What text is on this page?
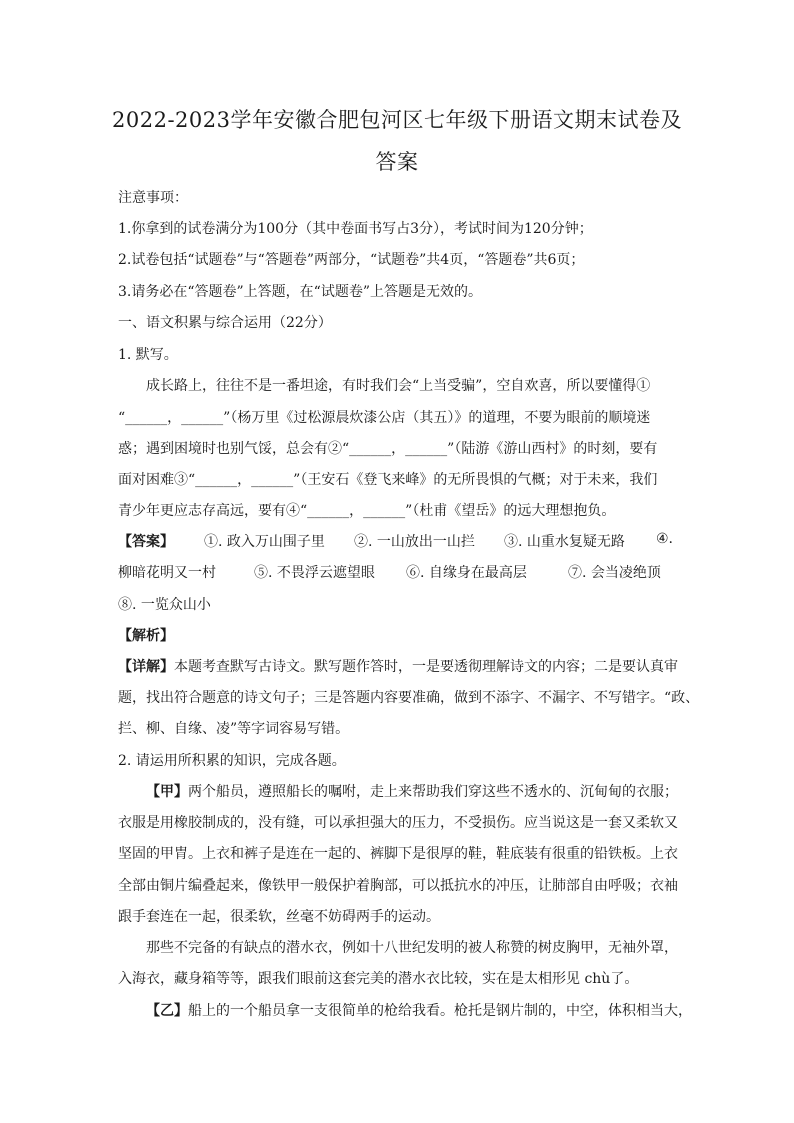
2022-2023学年安徽合肥包河区七年级下册语文期末试卷及
答案
注意事项：
1.你拿到的试卷满分为100分（其中卷面书写占3分），考试时间为120分钟；
2.试卷包括“试题卷”与“答题卷”两部分，“试题卷”共4页，“答题卷”共6页；
3.请务必在“答题卷”上答题，在“试题卷”上答题是无效的。
一、语文积累与综合运用（22分）
1. 默写。
成长路上，往往不是一番坦途，有时我们会“上当受骗”，空自欢喜，所以要懂得①
“______，______”（杨万里《过松源晨炊漆公店（其五）》的道理，不要为眼前的顺境迷
惑；遇到困境时也别气馁，总会有②“______，______”（陆游《游山西村》的时刻，要有
面对困难③“______，______”（王安石《登飞来峰》的无所畏惧的气概；对于未来，我们
青少年更应志存高远，要有④“______，______”（杜甫《望岳》的远大理想抱负。
【答案】 ①. 政入万山围子里 ②. 一山放出一山拦 ③. 山重水复疑无路 ④.
柳暗花明又一村	⑤. 不畏浮云遮望眼 ⑥. 自缘身在最高层	⑦. 会当凌绝顶
⑧. 一览众山小
【解析】
【详解】本题考查默写古诗文。默写题作答时，一是要透彻理解诗文的内容；二是要认真审
题，找出符合题意的诗文句子；三是答题内容要准确，做到不添字、不漏字、不写错字。“政、
拦、柳、自缘、凌”等字词容易写错。
2. 请运用所积累的知识，完成各题。
【甲】两个船员，遵照船长的嘱咐，走上来帮助我们穿这些不透水的、沉甸甸的衣服；
衣服是用橡胶制成的，没有缝，可以承担强大的压力，不受损伤。应当说这是一套又柔软又
坚固的甲胄。上衣和裤子是连在一起的、裤脚下是很厚的鞋，鞋底装有很重的铅铁板。上衣
全部由铜片编叠起来，像铁甲一般保护着胸部，可以抵抗水的冲压，让肺部自由呼吸；衣袖
跟手套连在一起，很柔软，丝毫不妨碍两手的运动。
那些不完备的有缺点的潜水衣，例如十八世纪发明的被人称赞的树皮胸甲，无袖外罩，
入海衣，藏身箱等等，跟我们眼前这套完美的潜水衣比较，实在是太相形见 chù了。
【乙】船上的一个船员拿一支很简单的枪给我看。枪托是钢片制的，中空，体积相当大，
